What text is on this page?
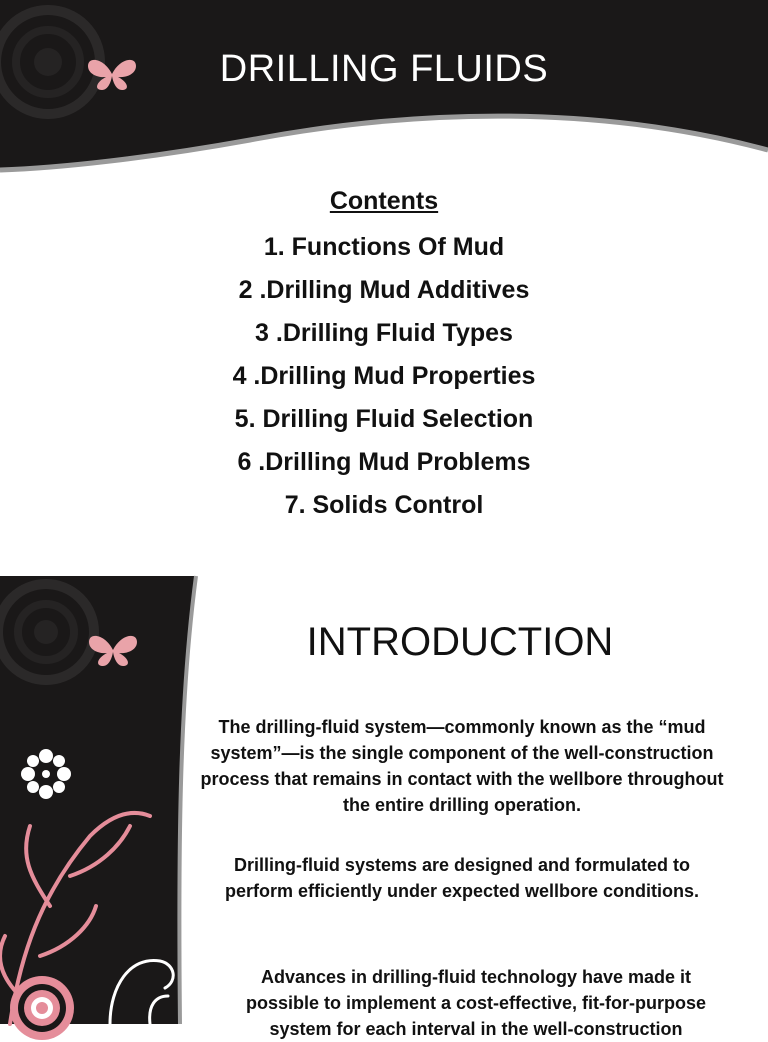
DRILLING FLUIDS
Contents
1. Functions Of Mud
2 .Drilling Mud Additives
3 .Drilling Fluid Types
4 .Drilling Mud Properties
5. Drilling Fluid Selection
6 .Drilling Mud Problems
7. Solids Control
INTRODUCTION
The drilling-fluid system—commonly known as the “mud system”—is the single component of the well-construction process that remains in contact with the wellbore throughout the entire drilling operation.
Drilling-fluid systems are designed and formulated to perform efficiently under expected wellbore conditions.
Advances in drilling-fluid technology have made it possible to implement a cost-effective, fit-for-purpose system for each interval in the well-construction
